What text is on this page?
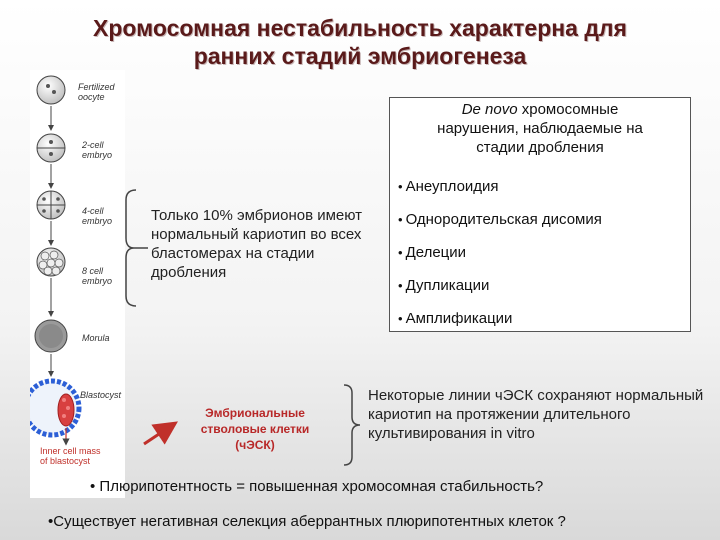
Хромосомная нестабильность характерна для
ранних стадий эмбриогенеза
Fertilized
oocyte
2-cell
embryo
4-cell
embryo
8 cell
embryo
Morula
Blastocyst
Inner cell mass
of blastocyst
Только 10% эмбрионов имеют нормальный кариотип во всех бластомерах на стадии дробления
De novo хромосомные
нарушения, наблюдаемые на
стадии дробления
• Анеуплоидия
• Однородительская дисомия
• Делеции
• Дупликации
• Амплификации
Эмбриональные
стволовые клетки
(чЭСК)
Некоторые линии чЭСК сохраняют нормальный кариотип на протяжении длительного культивирования in vitro
• Плюрипотентность = повышенная хромосомная стабильность?
•Существует негативная селекция аберрантных плюрипотентных клеток ?
